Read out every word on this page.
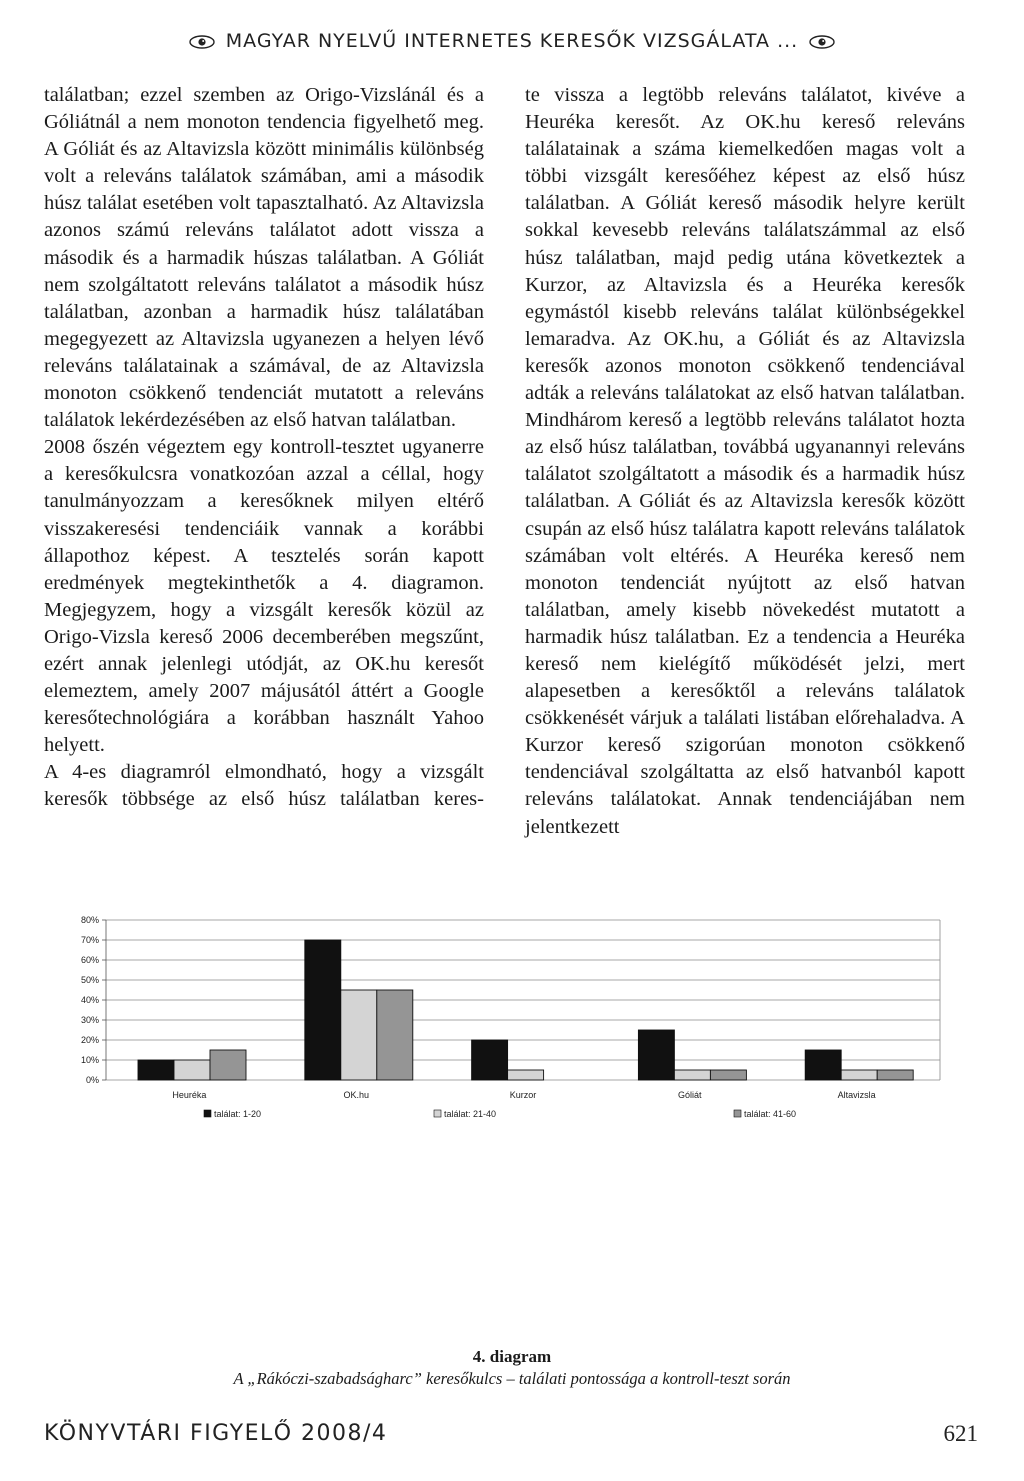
MAGYAR NYELVŰ INTERNETES KERESŐK VIZSGÁLATA ...

találatban; ezzel szemben az Origo-Vizslánál és a Góliátnál a nem monoton tendencia figyelhető meg. A Góliát és az Altavizsla között minimális különbség volt a releváns találatok számában, ami a második húsz találat esetében volt tapasztalható. Az Altavizsla azonos számú releváns találatot adott vissza a második és a harmadik húszas találatban. A Góliát nem szolgáltatott releváns találatot a második húsz találatban, azonban a harmadik húsz találatában megegyezett az Altavizsla ugyanezen a helyen lévő releváns találatainak a számával, de az Altavizsla monoton csökkenő tendenciát mutatott a releváns találatok lekérdezésében az első hatvan találatban.

2008 őszén végeztem egy kontroll-tesztet ugyanerre a keresőkulcsra vonatkozóan azzal a céllal, hogy tanulmányozzam a keresőknek milyen eltérő visszakeresési tendenciáik vannak a korábbi állapothoz képest. A tesztelés során kapott eredmények megtekinthetők a 4. diagramon. Megjegyzem, hogy a vizsgált keresők közül az Origo-Vizsla kereső 2006 decemberében megszűnt, ezért annak jelenlegi utódját, az OK.hu keresőt elemeztem, amely 2007 májusától áttért a Google keresőtechnológiára a korábban használt Yahoo helyett.

A 4-es diagramról elmondható, hogy a vizsgált keresők többsége az első húsz találatban keres-

te vissza a legtöbb releváns találatot, kivéve a Heuréka keresőt. Az OK.hu kereső releváns találatainak a száma kiemelkedően magas volt a többi vizsgált keresőéhez képest az első húsz találatban. A Góliát kereső második helyre került sokkal kevesebb releváns találatszámmal az első húsz találatban, majd pedig utána következtek a Kurzor, az Altavizsla és a Heuréka keresők egymástól kisebb releváns találat különbségekkel lemaradva. Az OK.hu, a Góliát és az Altavizsla keresők azonos monoton csökkenő tendenciával adták a releváns találatokat az első hatvan találatban. Mindhárom kereső a legtöbb releváns találatot hozta az első húsz találatban, továbbá ugyanannyi releváns találatot szolgáltatott a második és a harmadik húsz találatban. A Góliát és az Altavizsla keresők között csupán az első húsz találatra kapott releváns találatok számában volt eltérés. A Heuréka kereső nem monoton tendenciát nyújtott az első hatvan találatban, amely kisebb növekedést mutatott a harmadik húsz találatban. Ez a tendencia a Heuréka kereső nem kielégítő működését jelzi, mert alapesetben a keresőktől a releváns találatok csökkenését várjuk a találati listában előrehaladva. A Kurzor kereső szigorúan monoton csökkenő tendenciával szolgáltatta az első hatvanból kapott releváns találatokat. Annak tendenciájában nem jelentkezett

0%
10%
20%
30%
40%
50%
60%
70%
80%
Heuréka	OK.hu	Kurzor	Góliát	Altavizsla
találat: 1-20	találat: 21-40	találat: 41-60
4. diagram
A „Rákóczi-szabadságharc” keresőkulcs – találati pontossága a kontroll-teszt során
KÖNYVTÁRI FIGYELŐ 2008/4	621
